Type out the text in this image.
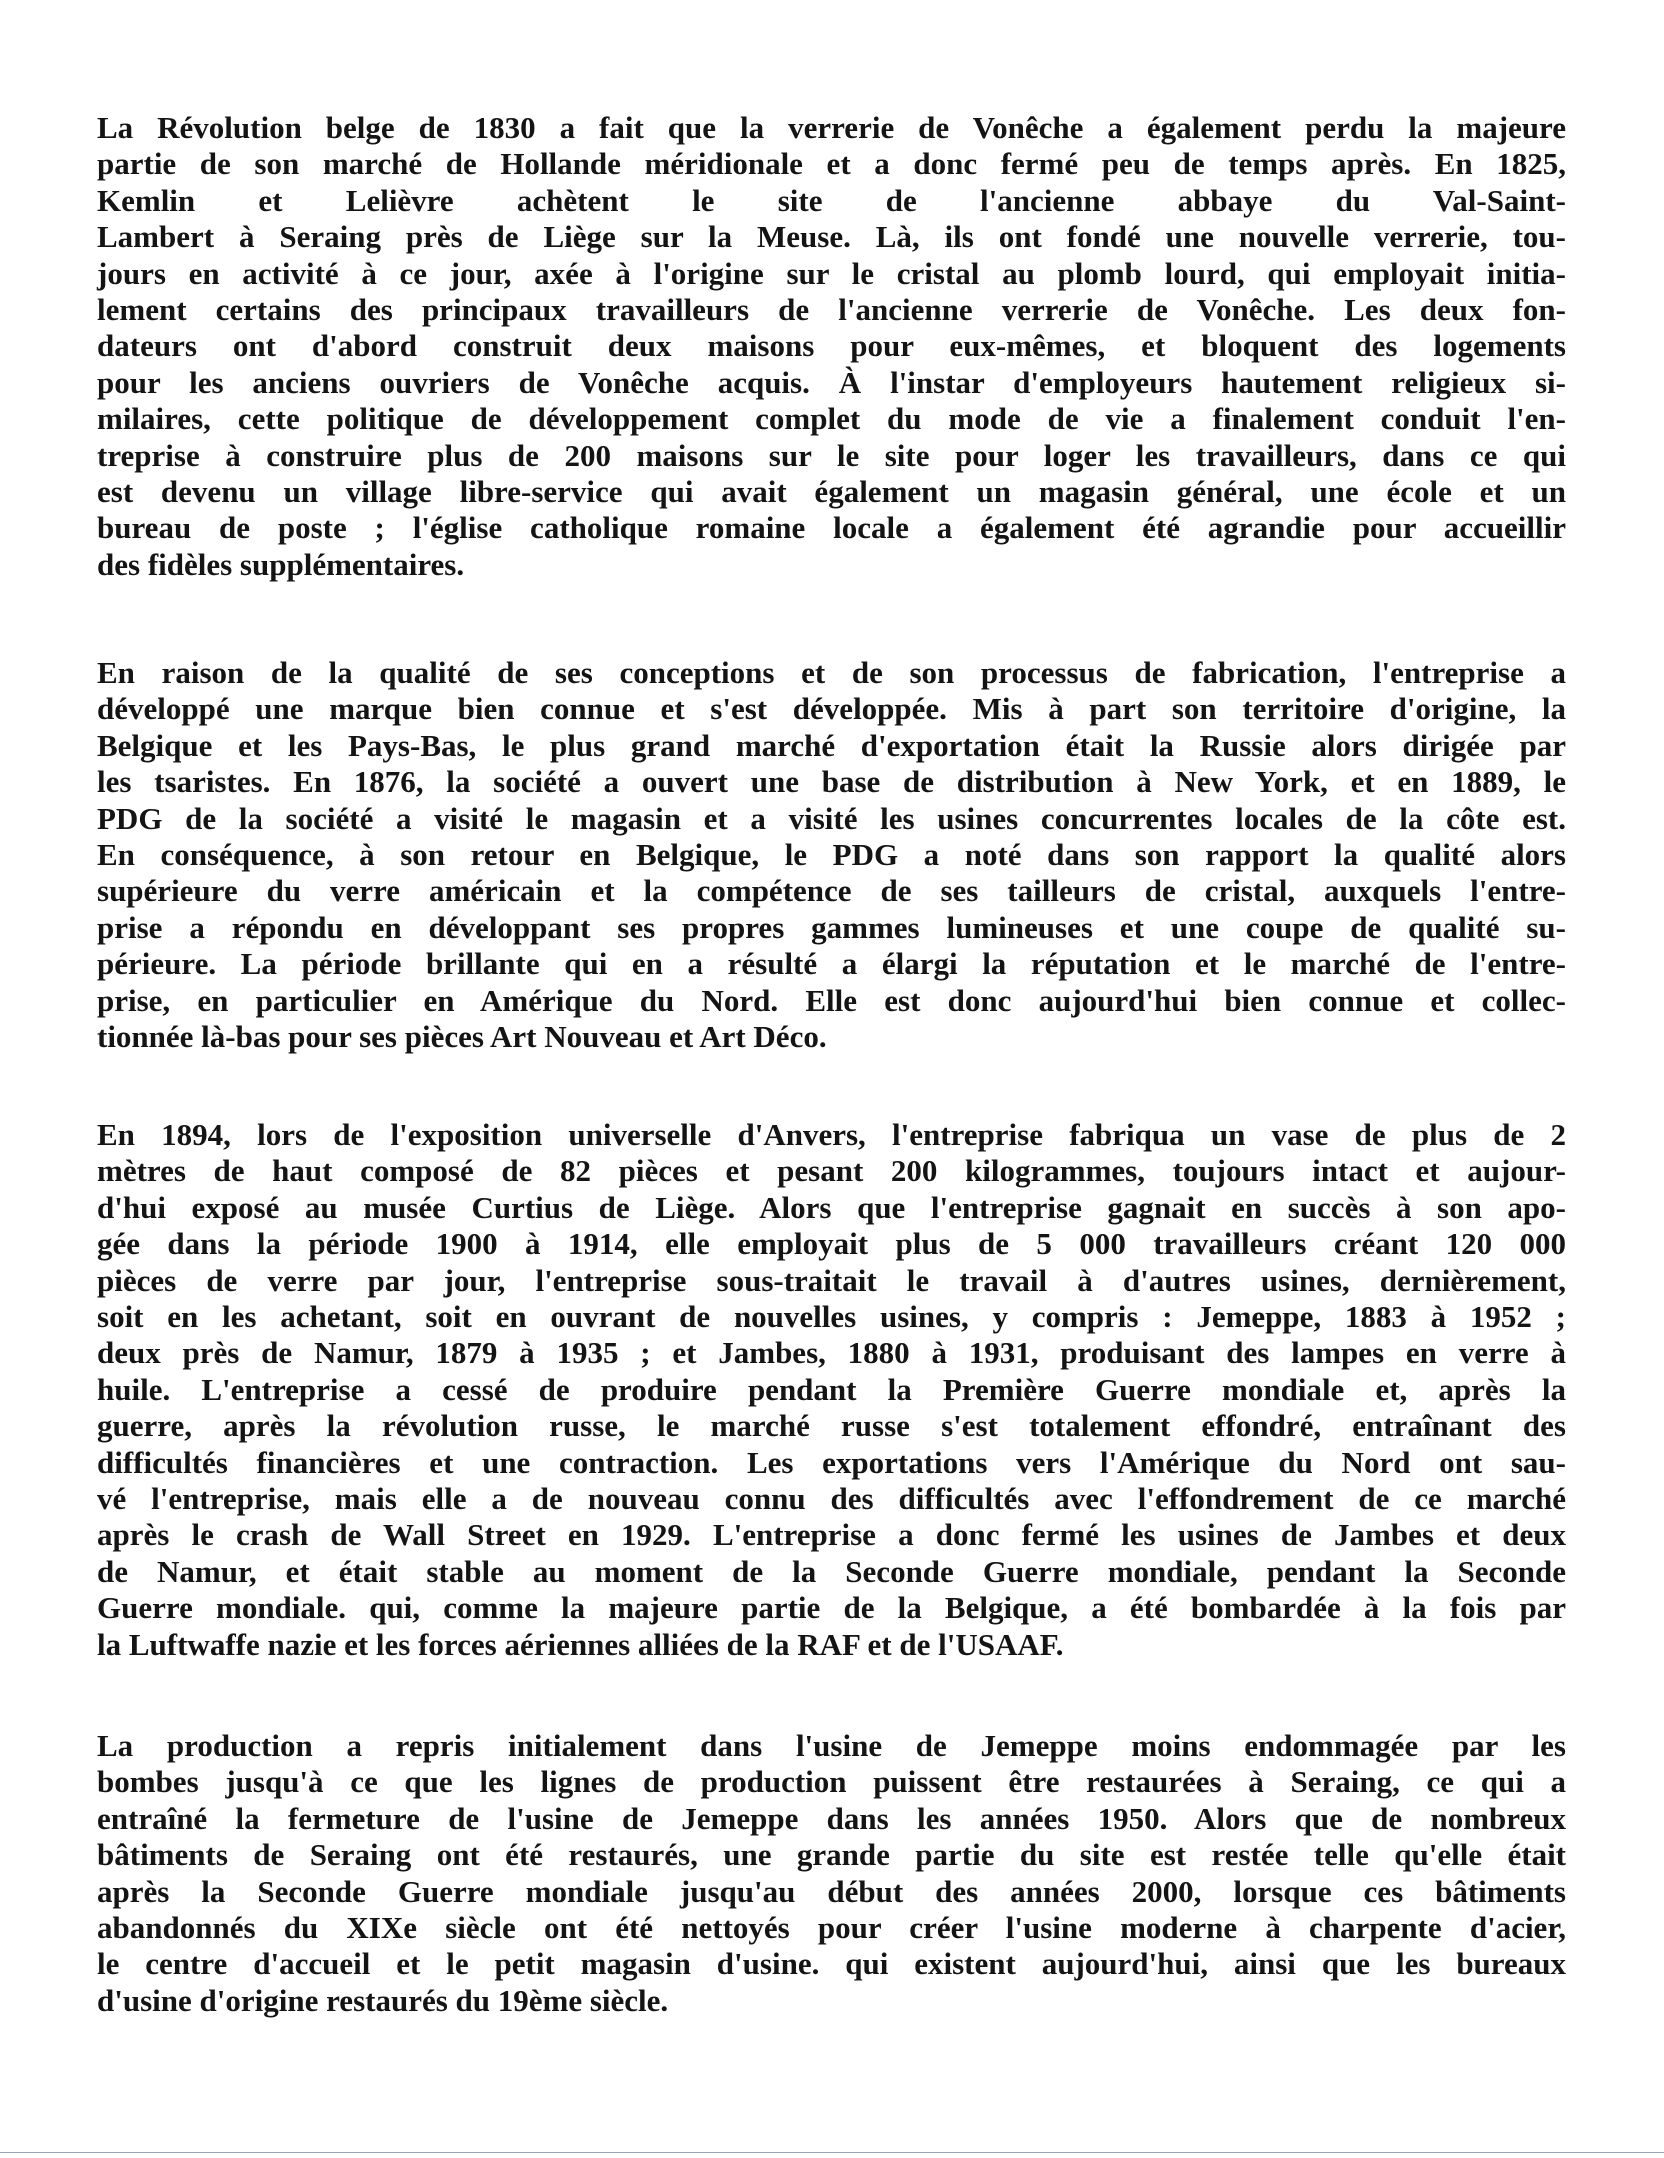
La Révolution belge de 1830 a fait que la verrerie de Vonêche a également perdu la majeure
partie de son marché de Hollande méridionale et a donc fermé peu de temps après. En 1825,
Kemlin et Lelièvre achètent le site de l'ancienne abbaye du Val-Saint-
Lambert à Seraing près de Liège sur la Meuse. Là, ils ont fondé une nouvelle verrerie, tou-
jours en activité à ce jour, axée à l'origine sur le cristal au plomb lourd, qui employait initia-
lement certains des principaux travailleurs de l'ancienne verrerie de Vonêche. Les deux fon-
dateurs ont d'abord construit deux maisons pour eux-mêmes, et bloquent des logements
pour les anciens ouvriers de Vonêche acquis. À l'instar d'employeurs hautement religieux si-
milaires, cette politique de développement complet du mode de vie a finalement conduit l'en-
treprise à construire plus de 200 maisons sur le site pour loger les travailleurs, dans ce qui
est devenu un village libre-service qui avait également un magasin général, une école et un
bureau de poste ; l'église catholique romaine locale a également été agrandie pour accueillir
des fidèles supplémentaires.
En raison de la qualité de ses conceptions et de son processus de fabrication, l'entreprise a
développé une marque bien connue et s'est développée. Mis à part son territoire d'origine, la
Belgique et les Pays-Bas, le plus grand marché d'exportation était la Russie alors dirigée par
les tsaristes. En 1876, la société a ouvert une base de distribution à New York, et en 1889, le
PDG de la société a visité le magasin et a visité les usines concurrentes locales de la côte est.
En conséquence, à son retour en Belgique, le PDG a noté dans son rapport la qualité alors
supérieure du verre américain et la compétence de ses tailleurs de cristal, auxquels l'entre-
prise a répondu en développant ses propres gammes lumineuses et une coupe de qualité su-
périeure. La période brillante qui en a résulté a élargi la réputation et le marché de l'entre-
prise, en particulier en Amérique du Nord. Elle est donc aujourd'hui bien connue et collec-
tionnée là-bas pour ses pièces Art Nouveau et Art Déco.
En 1894, lors de l'exposition universelle d'Anvers, l'entreprise fabriqua un vase de plus de 2
mètres de haut composé de 82 pièces et pesant 200 kilogrammes, toujours intact et aujour-
d'hui exposé au musée Curtius de Liège. Alors que l'entreprise gagnait en succès à son apo-
gée dans la période 1900 à 1914, elle employait plus de 5 000 travailleurs créant 120 000
pièces de verre par jour, l'entreprise sous-traitait le travail à d'autres usines, dernièrement,
soit en les achetant, soit en ouvrant de nouvelles usines, y compris : Jemeppe, 1883 à 1952 ;
deux près de Namur, 1879 à 1935 ; et Jambes, 1880 à 1931, produisant des lampes en verre à
huile. L'entreprise a cessé de produire pendant la Première Guerre mondiale et, après la
guerre, après la révolution russe, le marché russe s'est totalement effondré, entraînant des
difficultés financières et une contraction. Les exportations vers l'Amérique du Nord ont sau-
vé l'entreprise, mais elle a de nouveau connu des difficultés avec l'effondrement de ce marché
après le crash de Wall Street en 1929. L'entreprise a donc fermé les usines de Jambes et deux
de Namur, et était stable au moment de la Seconde Guerre mondiale, pendant la Seconde
Guerre mondiale. qui, comme la majeure partie de la Belgique, a été bombardée à la fois par
la Luftwaffe nazie et les forces aériennes alliées de la RAF et de l'USAAF.
La production a repris initialement dans l'usine de Jemeppe moins endommagée par les
bombes jusqu'à ce que les lignes de production puissent être restaurées à Seraing, ce qui a
entraîné la fermeture de l'usine de Jemeppe dans les années 1950. Alors que de nombreux
bâtiments de Seraing ont été restaurés, une grande partie du site est restée telle qu'elle était
après la Seconde Guerre mondiale jusqu'au début des années 2000, lorsque ces bâtiments
abandonnés du XIXe siècle ont été nettoyés pour créer l'usine moderne à charpente d'acier,
le centre d'accueil et le petit magasin d'usine. qui existent aujourd'hui, ainsi que les bureaux
d'usine d'origine restaurés du 19ème siècle.
